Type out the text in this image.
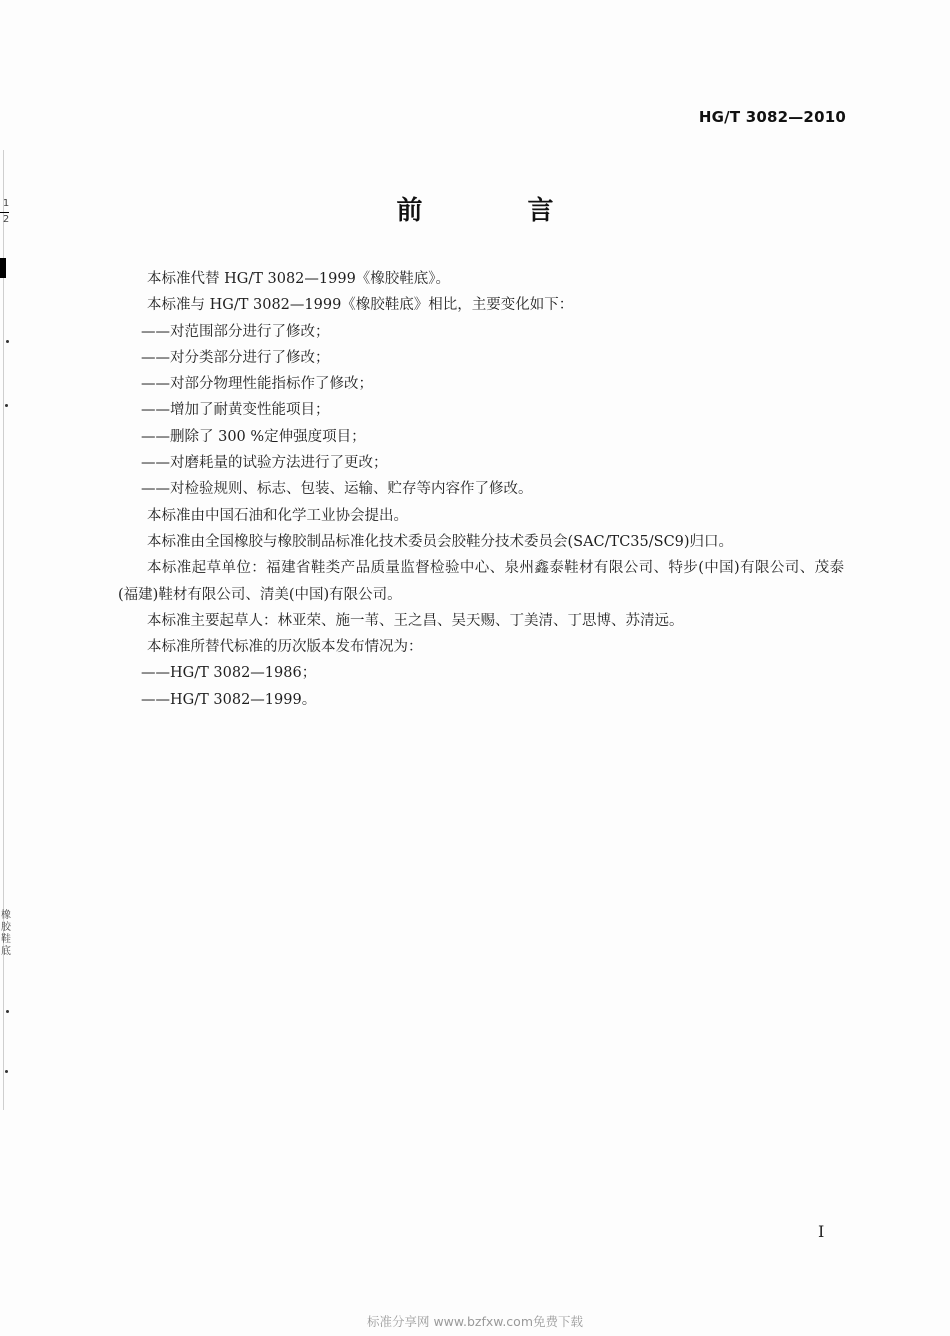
1
2
橡
胶
鞋
底
HG/T 3082—2010
前 言

本标准代替 HG/T 3082—1999《橡胶鞋底》。

本标准与 HG/T 3082—1999《橡胶鞋底》相比，主要变化如下：

——对范围部分进行了修改；

——对分类部分进行了修改；

——对部分物理性能指标作了修改；

——增加了耐黄变性能项目；

——删除了 300 %定伸强度项目；

——对磨耗量的试验方法进行了更改；

——对检验规则、标志、包装、运输、贮存等内容作了修改。

本标准由中国石油和化学工业协会提出。

本标准由全国橡胶与橡胶制品标准化技术委员会胶鞋分技术委员会(SAC/TC35/SC9)归口。

本标准起草单位：福建省鞋类产品质量监督检验中心、泉州鑫泰鞋材有限公司、特步(中国)有限公司、茂泰(福建)鞋材有限公司、清美(中国)有限公司。

本标准主要起草人：林亚荣、施一苇、王之昌、吴天赐、丁美清、丁思博、苏清远。

本标准所替代标准的历次版本发布情况为：

——HG/T 3082—1986；

——HG/T 3082—1999。

I
标准分享网 www.bzfxw.com免费下载
